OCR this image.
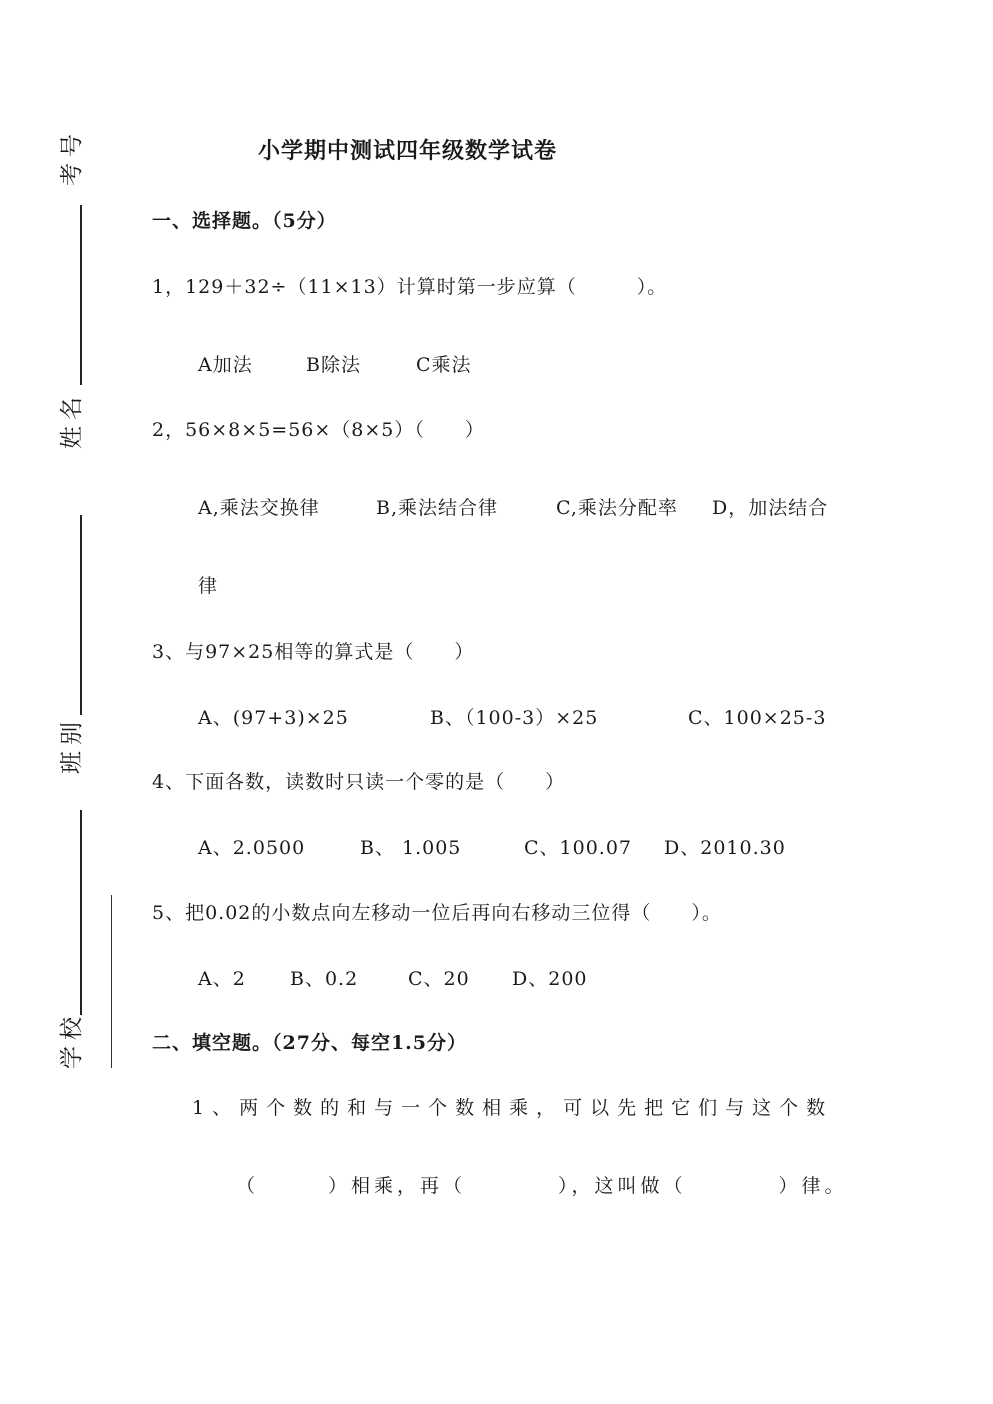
考号
姓名
班别
学校
小学期中测试四年级数学试卷
一、选择题。（5分）
1，129＋32÷（11×13）计算时第一步应算（　　　）。
A加法	B除法	C乘法
2，56×8×5=56×（8×5）（　　）
A,乘法交换律	B,乘法结合律	C,乘法分配率 D，加法结合
律
3、与97×25相等的算式是（　　）
A、(97+3)×25	B、（100-3）×25	C、100×25-3
4、下面各数，读数时只读一个零的是（　　）
A、2.0500	B、 1.005	C、100.07 D、2010.30
5、把0.02的小数点向左移动一位后再向右移动三位得（　　）。
A、2 B、0.2	C、20 D、200
二、填空题。（27分、每空1.5分）
1、两个数的和与一个数相乘，可以先把它们与这个数
（　　　）相乘，再（　　　　），这叫做（　　　　）律。
